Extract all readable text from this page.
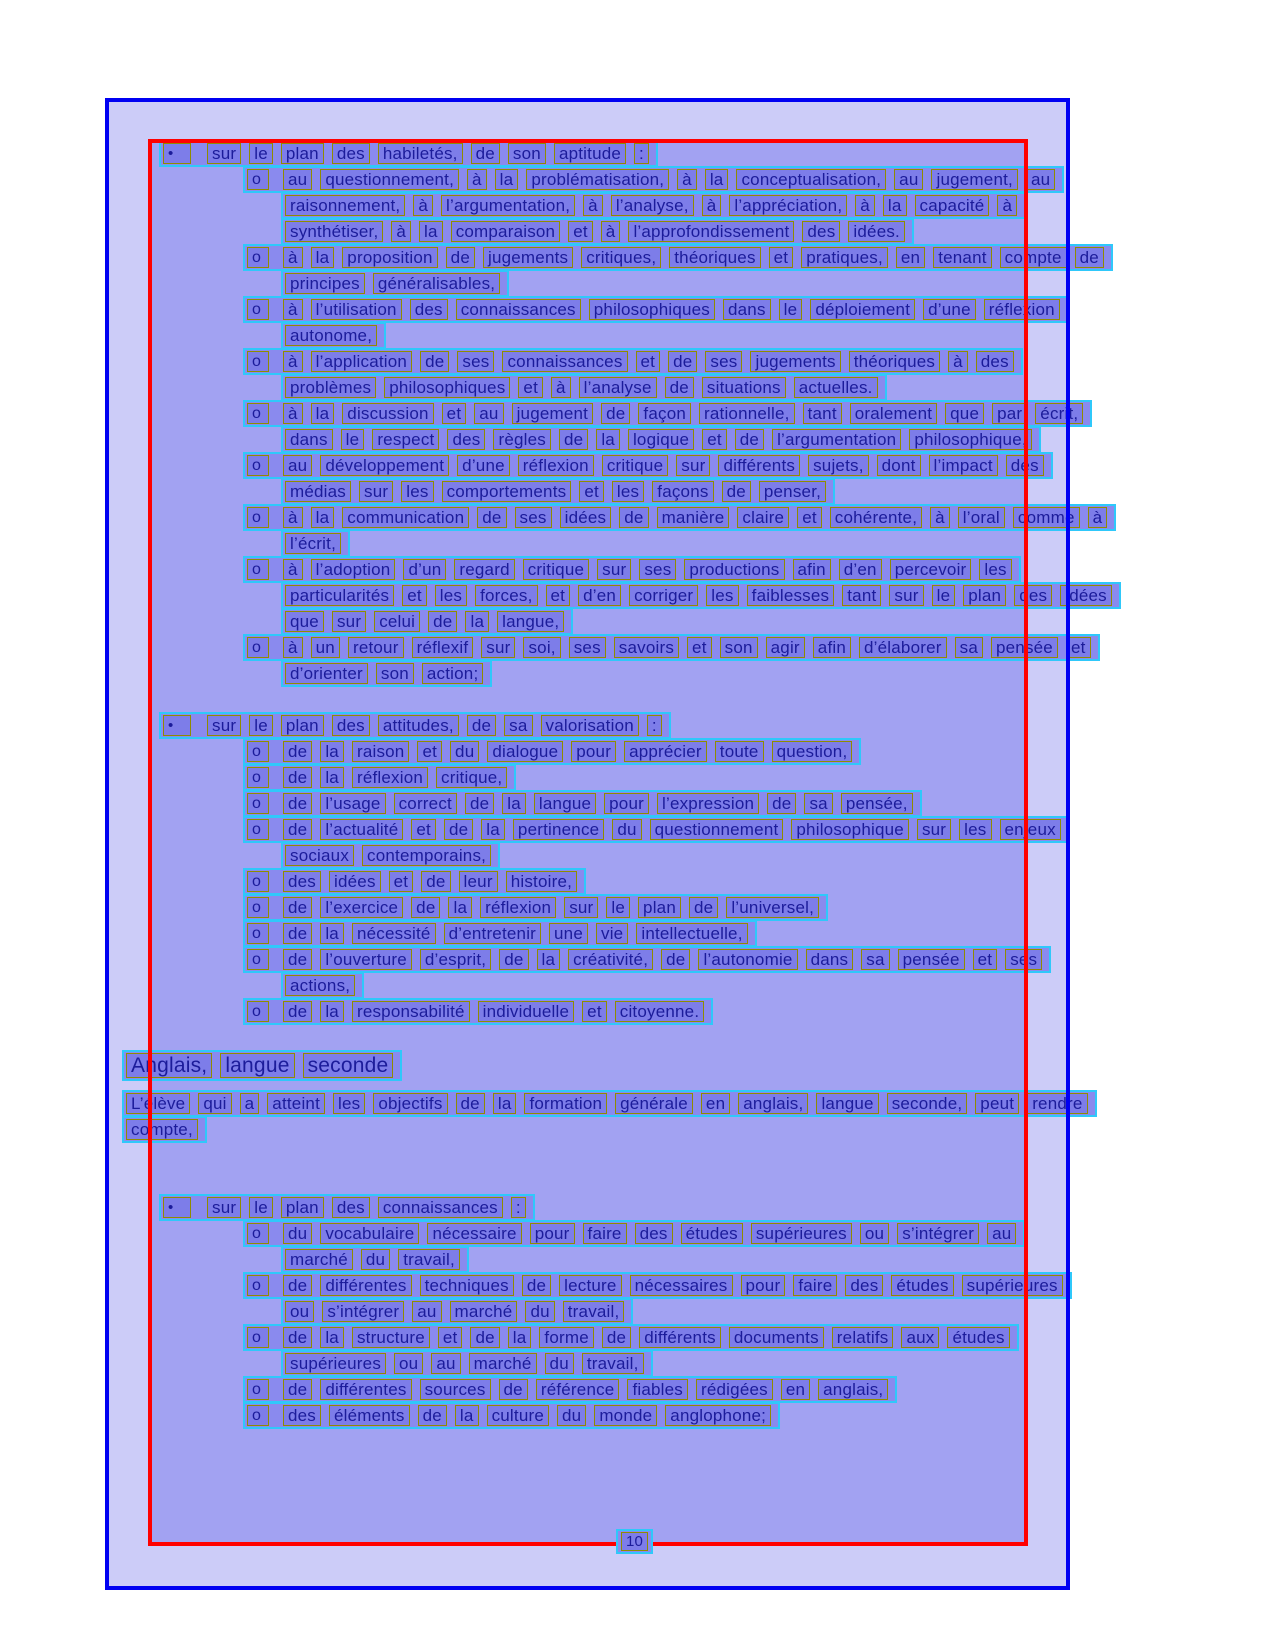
•	sur le plan des habiletés, de son aptitude :
o	au questionnement, à la problématisation, à la conceptualisation, au jugement, au
raisonnement, à l’argumentation, à l’analyse, à l’appréciation, à la capacité à
synthétiser, à la comparaison et à l’approfondissement des idées.
o	à la proposition de jugements critiques, théoriques et pratiques, en tenant compte de
principes généralisables,
o	à l’utilisation des connaissances philosophiques dans le déploiement d’une réflexion
autonome,
o	à l’application de ses connaissances et de ses jugements théoriques à des
problèmes philosophiques et à l’analyse de situations actuelles.
o	à la discussion et au jugement de façon rationnelle, tant oralement que par écrit,
dans le respect des règles de la logique et de l’argumentation philosophique,
o	au développement d’une réflexion critique sur différents sujets, dont l’impact des
médias sur les comportements et les façons de penser,
o	à la communication de ses idées de manière claire et cohérente, à l’oral comme à
l’écrit,
o	à l’adoption d’un regard critique sur ses productions afin d’en percevoir les
particularités et les forces, et d’en corriger les faiblesses tant sur le plan des idées
que sur celui de la langue,
o	à un retour réflexif sur soi, ses savoirs et son agir afin d’élaborer sa pensée et
d’orienter son action;
•	sur le plan des attitudes, de sa valorisation :
o	de la raison et du dialogue pour apprécier toute question,
o	de la réflexion critique,
o	de l’usage correct de la langue pour l’expression de sa pensée,
o	de l’actualité et de la pertinence du questionnement philosophique sur les enjeux
sociaux contemporains,
o	des idées et de leur histoire,
o	de l’exercice de la réflexion sur le plan de l’universel,
o	de la nécessité d’entretenir une vie intellectuelle,
o	de l’ouverture d’esprit, de la créativité, de l’autonomie dans sa pensée et ses
actions,
o	de la responsabilité individuelle et citoyenne.
Anglais, langue seconde
L’élève qui a atteint les objectifs de la formation générale en anglais, langue seconde, peut rendre
compte,
•	sur le plan des connaissances :
o	du vocabulaire nécessaire pour faire des études supérieures ou s’intégrer au
marché du travail,
o	de différentes techniques de lecture nécessaires pour faire des études supérieures
ou s’intégrer au marché du travail,
o	de la structure et de la forme de différents documents relatifs aux études
supérieures ou au marché du travail,
o	de différentes sources de référence fiables rédigées en anglais,
o	des éléments de la culture du monde anglophone;
10
